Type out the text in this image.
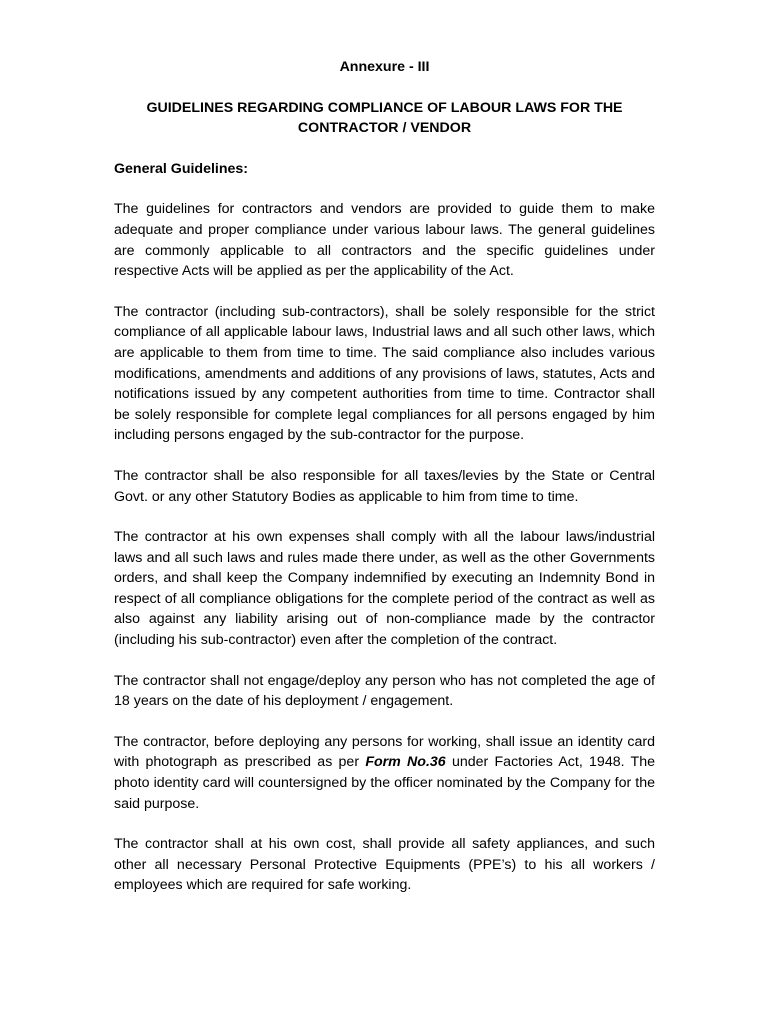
Annexure - III

GUIDELINES REGARDING COMPLIANCE OF LABOUR LAWS FOR THE CONTRACTOR / VENDOR

General Guidelines:

The guidelines for contractors and vendors are provided to guide them to make adequate and proper compliance under various labour laws. The general guidelines are commonly applicable to all contractors and the specific guidelines under respective Acts will be applied as per the applicability of the Act.

The contractor (including sub-contractors), shall be solely responsible for the strict compliance of all applicable labour laws, Industrial laws and all such other laws, which are applicable to them from time to time. The said compliance also includes various modifications, amendments and additions of any provisions of laws, statutes, Acts and notifications issued by any competent authorities from time to time. Contractor shall be solely responsible for complete legal compliances for all persons engaged by him including persons engaged by the sub-contractor for the purpose.

The contractor shall be also responsible for all taxes/levies by the State or Central Govt. or any other Statutory Bodies as applicable to him from time to time.

The contractor at his own expenses shall comply with all the labour laws/industrial laws and all such laws and rules made there under, as well as the other Governments orders, and shall keep the Company indemnified by executing an Indemnity Bond in respect of all compliance obligations for the complete period of the contract as well as also against any liability arising out of non-compliance made by the contractor (including his sub-contractor) even after the completion of the contract.

The contractor shall not engage/deploy any person who has not completed the age of 18 years on the date of his deployment / engagement.

The contractor, before deploying any persons for working, shall issue an identity card with photograph as prescribed as per Form No.36 under Factories Act, 1948. The photo identity card will countersigned by the officer nominated by the Company for the said purpose.

The contractor shall at his own cost, shall provide all safety appliances, and such other all necessary Personal Protective Equipments (PPE’s) to his all workers / employees which are required for safe working.
